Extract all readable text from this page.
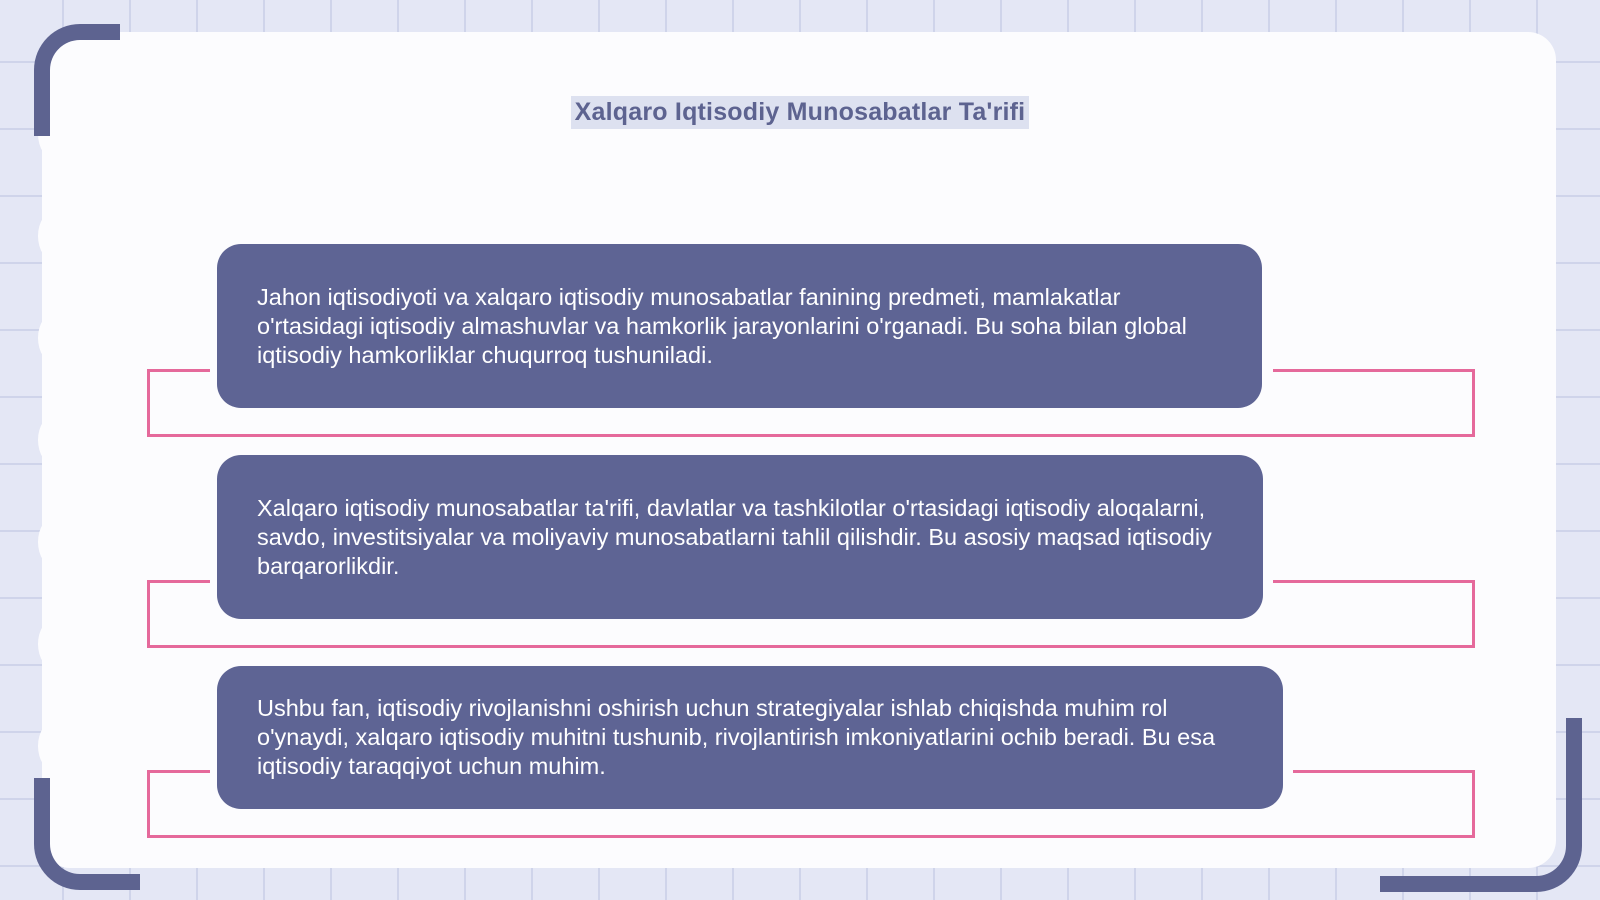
Xalqaro Iqtisodiy Munosabatlar Ta'rifi

Jahon iqtisodiyoti va xalqaro iqtisodiy munosabatlar fanining predmeti, mamlakatlar o'rtasidagi iqtisodiy almashuvlar va hamkorlik jarayonlarini o'rganadi. Bu soha bilan global iqtisodiy hamkorliklar chuqurroq tushuniladi.

Xalqaro iqtisodiy munosabatlar ta'rifi, davlatlar va tashkilotlar o'rtasidagi iqtisodiy aloqalarni, savdo, investitsiyalar va moliyaviy munosabatlarni tahlil qilishdir. Bu asosiy maqsad iqtisodiy barqarorlikdir.

Ushbu fan, iqtisodiy rivojlanishni oshirish uchun strategiyalar ishlab chiqishda muhim rol o'ynaydi, xalqaro iqtisodiy muhitni tushunib, rivojlantirish imkoniyatlarini ochib beradi. Bu esa iqtisodiy taraqqiyot uchun muhim.
